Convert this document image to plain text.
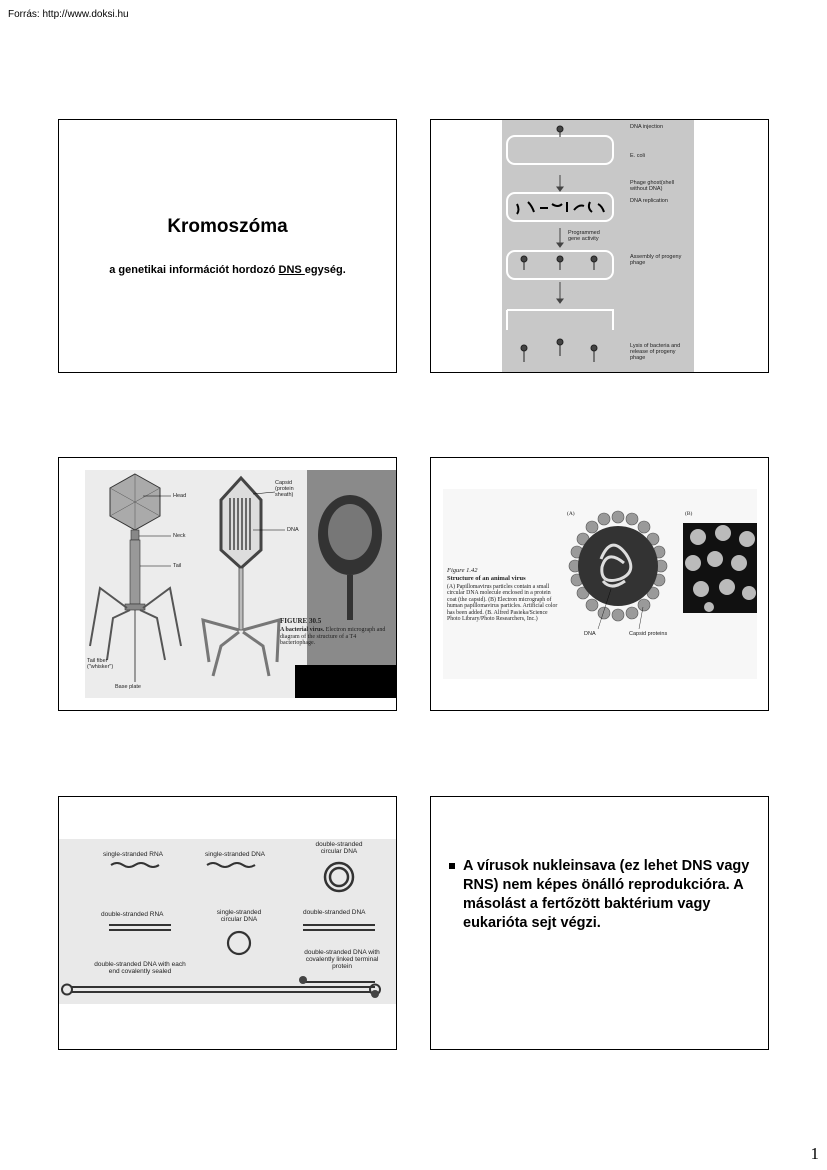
Forrás: http://www.doksi.hu
Kromoszóma
a genetikai információt hordozó DNS egység.
DNA injection
E. coli
Phage ghost(shell without DNA)
DNA replication
Programmed gene activity
Assembly of progeny phage
Lysis of bacteria and release of progeny phage
Head
Neck
Tail
Tail fiber ("whisker")
Base plate
Capsid (protein sheath)
DNA
FIGURE 30.5
A bacterial virus. Electron micrograph and diagram of the structure of a T4 bacteriophage.
(A)	(B)
Figure 1.42
Structure of an animal virus
(A) Papillomavirus particles contain a small circular DNA molecule enclosed in a protein coat (the capsid). (B) Electron micrograph of human papillomavirus particles. Artificial color has been added. (B. Alfred Pasieka/Science Photo Library/Photo Researchers, Inc.)
DNA	Capsid proteins
single-stranded RNA	single-stranded DNA
double-stranded circular DNA
double-stranded RNA	single-stranded circular DNA
double-stranded DNA
double-stranded DNA with each end covalently sealed
double-stranded DNA with covalently linked terminal protein
A vírusok nukleinsava (ez lehet DNS vagy RNS) nem képes önálló reprodukcióra. A másolást a fertőzött baktérium vagy eukarióta sejt végzi.
1
